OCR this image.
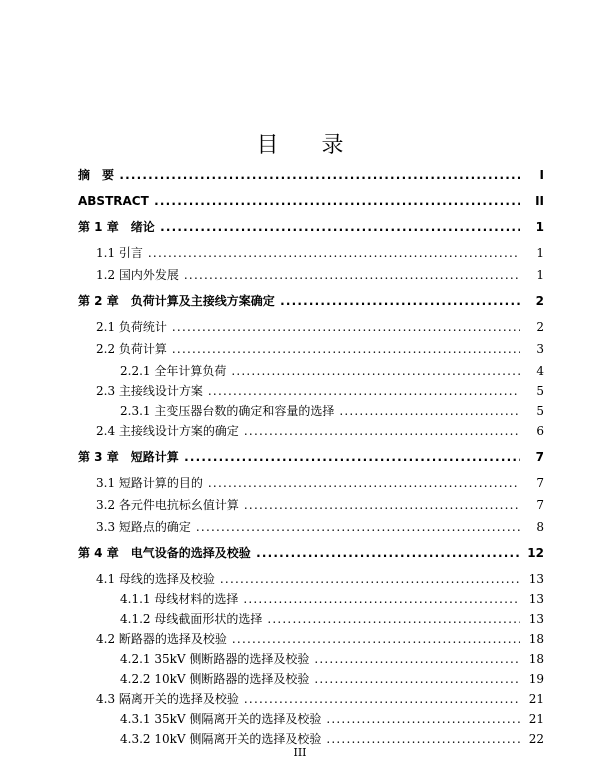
目 录
摘　要 .....	I
ABSTRACT .....	II
第 1 章　绪论 .....	1
1.1 引言 .....	1
1.2 国内外发展 .....	1
第 2 章　负荷计算及主接线方案确定 .....	2
2.1 负荷统计 .....	2
2.2 负荷计算 .....	3
2.2.1 全年计算负荷 .....	4
2.3 主接线设计方案 .....	5
2.3.1 主变压器台数的确定和容量的选择 .....	5
2.4 主接线设计方案的确定 .....	6
第 3 章　短路计算 .....	7
3.1 短路计算的目的 .....	7
3.2 各元件电抗标幺值计算 .....	7
3.3 短路点的确定 .....	8
第 4 章　电气设备的选择及校验 .....	12
4.1 母线的选择及校验 .....	13
4.1.1 母线材料的选择 .....	13
4.1.2 母线截面形状的选择 .....	13
4.2 断路器的选择及校验 .....	18
4.2.1 35kV 侧断路器的选择及校验 .....	18
4.2.2 10kV 侧断路器的选择及校验 .....	19
4.3 隔离开关的选择及校验 .....	21
4.3.1 35kV 侧隔离开关的选择及校验 .....	21
4.3.2 10kV 侧隔离开关的选择及校验 .....	22
III
